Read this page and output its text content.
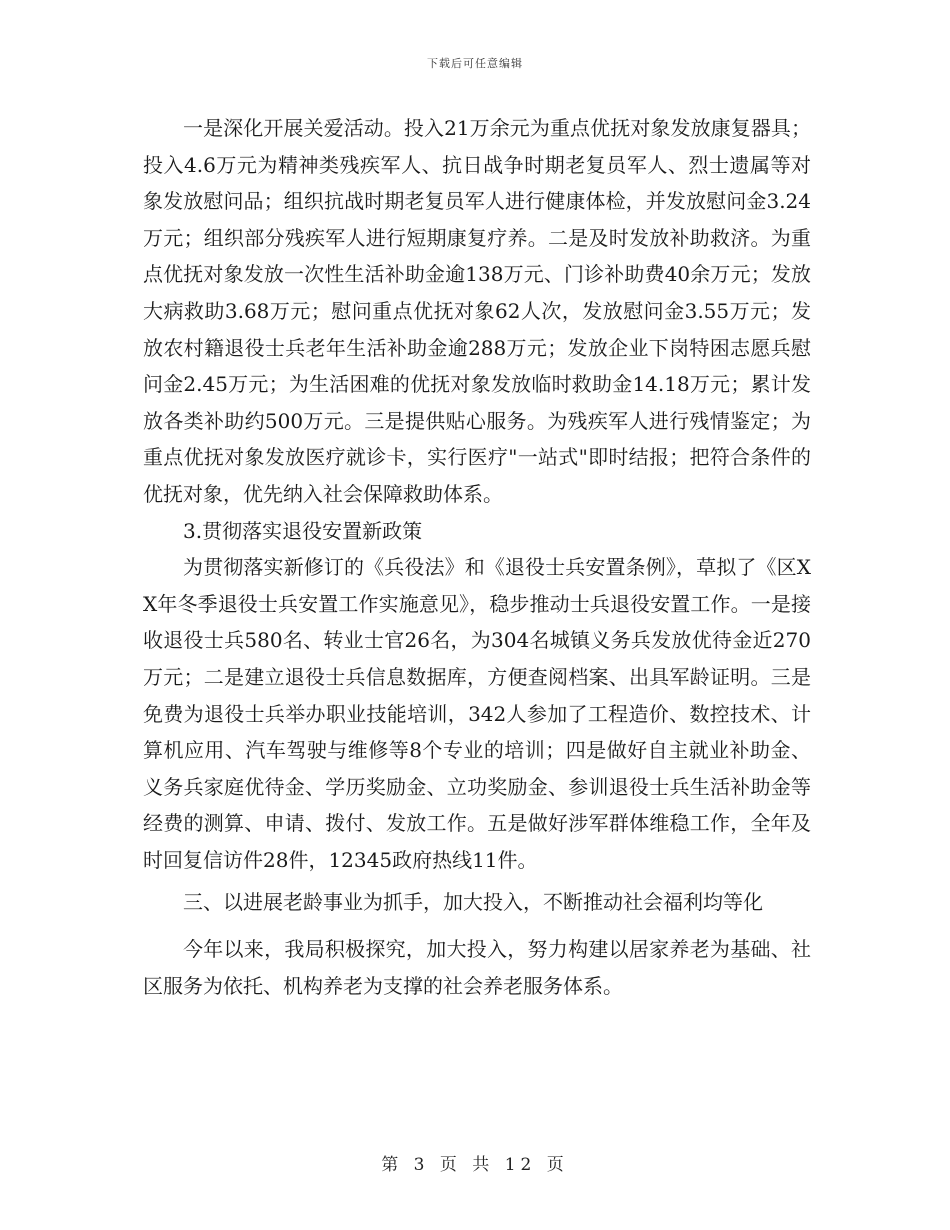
下载后可任意编辑

一是深化开展关爱活动。投入21万余元为重点优抚对象发放康复器具；投入4.6万元为精神类残疾军人、抗日战争时期老复员军人、烈士遗属等对象发放慰问品；组织抗战时期老复员军人进行健康体检，并发放慰问金3.24万元；组织部分残疾军人进行短期康复疗养。二是及时发放补助救济。为重点优抚对象发放一次性生活补助金逾138万元、门诊补助费40余万元；发放大病救助3.68万元；慰问重点优抚对象62人次，发放慰问金3.55万元；发放农村籍退役士兵老年生活补助金逾288万元；发放企业下岗特困志愿兵慰问金2.45万元；为生活困难的优抚对象发放临时救助金14.18万元；累计发放各类补助约500万元。三是提供贴心服务。为残疾军人进行残情鉴定；为重点优抚对象发放医疗就诊卡，实行医疗"一站式"即时结报；把符合条件的优抚对象，优先纳入社会保障救助体系。

3.贯彻落实退役安置新政策

为贯彻落实新修订的《兵役法》和《退役士兵安置条例》，草拟了《区XX年冬季退役士兵安置工作实施意见》，稳步推动士兵退役安置工作。一是接收退役士兵580名、转业士官26名，为304名城镇义务兵发放优待金近270万元；二是建立退役士兵信息数据库，方便查阅档案、出具军龄证明。三是免费为退役士兵举办职业技能培训，342人参加了工程造价、数控技术、计算机应用、汽车驾驶与维修等8个专业的培训；四是做好自主就业补助金、义务兵家庭优待金、学历奖励金、立功奖励金、参训退役士兵生活补助金等经费的测算、申请、拨付、发放工作。五是做好涉军群体维稳工作，全年及时回复信访件28件，12345政府热线11件。

三、以进展老龄事业为抓手，加大投入，不断推动社会福利均等化

今年以来，我局积极探究，加大投入，努力构建以居家养老为基础、社区服务为依托、机构养老为支撑的社会养老服务体系。

第 3 页 共 12 页
